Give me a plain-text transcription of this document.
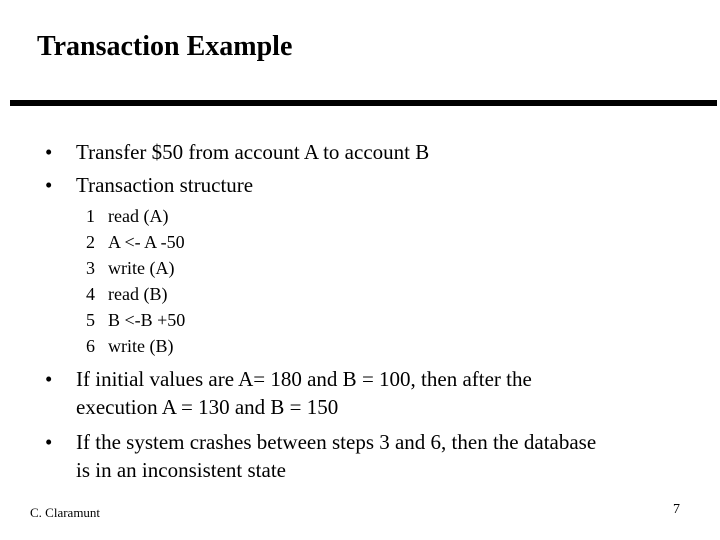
Transaction Example
• Transfer $50 from account A to account B
• Transaction structure
1 read (A)
2 A <- A -50
3 write (A)
4 read (B)
5 B <-B +50
6 write (B)
• If initial values are A= 180 and B = 100, then after the
execution A = 130 and B = 150
• If the system crashes between steps 3 and 6, then the database
is in an inconsistent state
C. Claramunt	7
